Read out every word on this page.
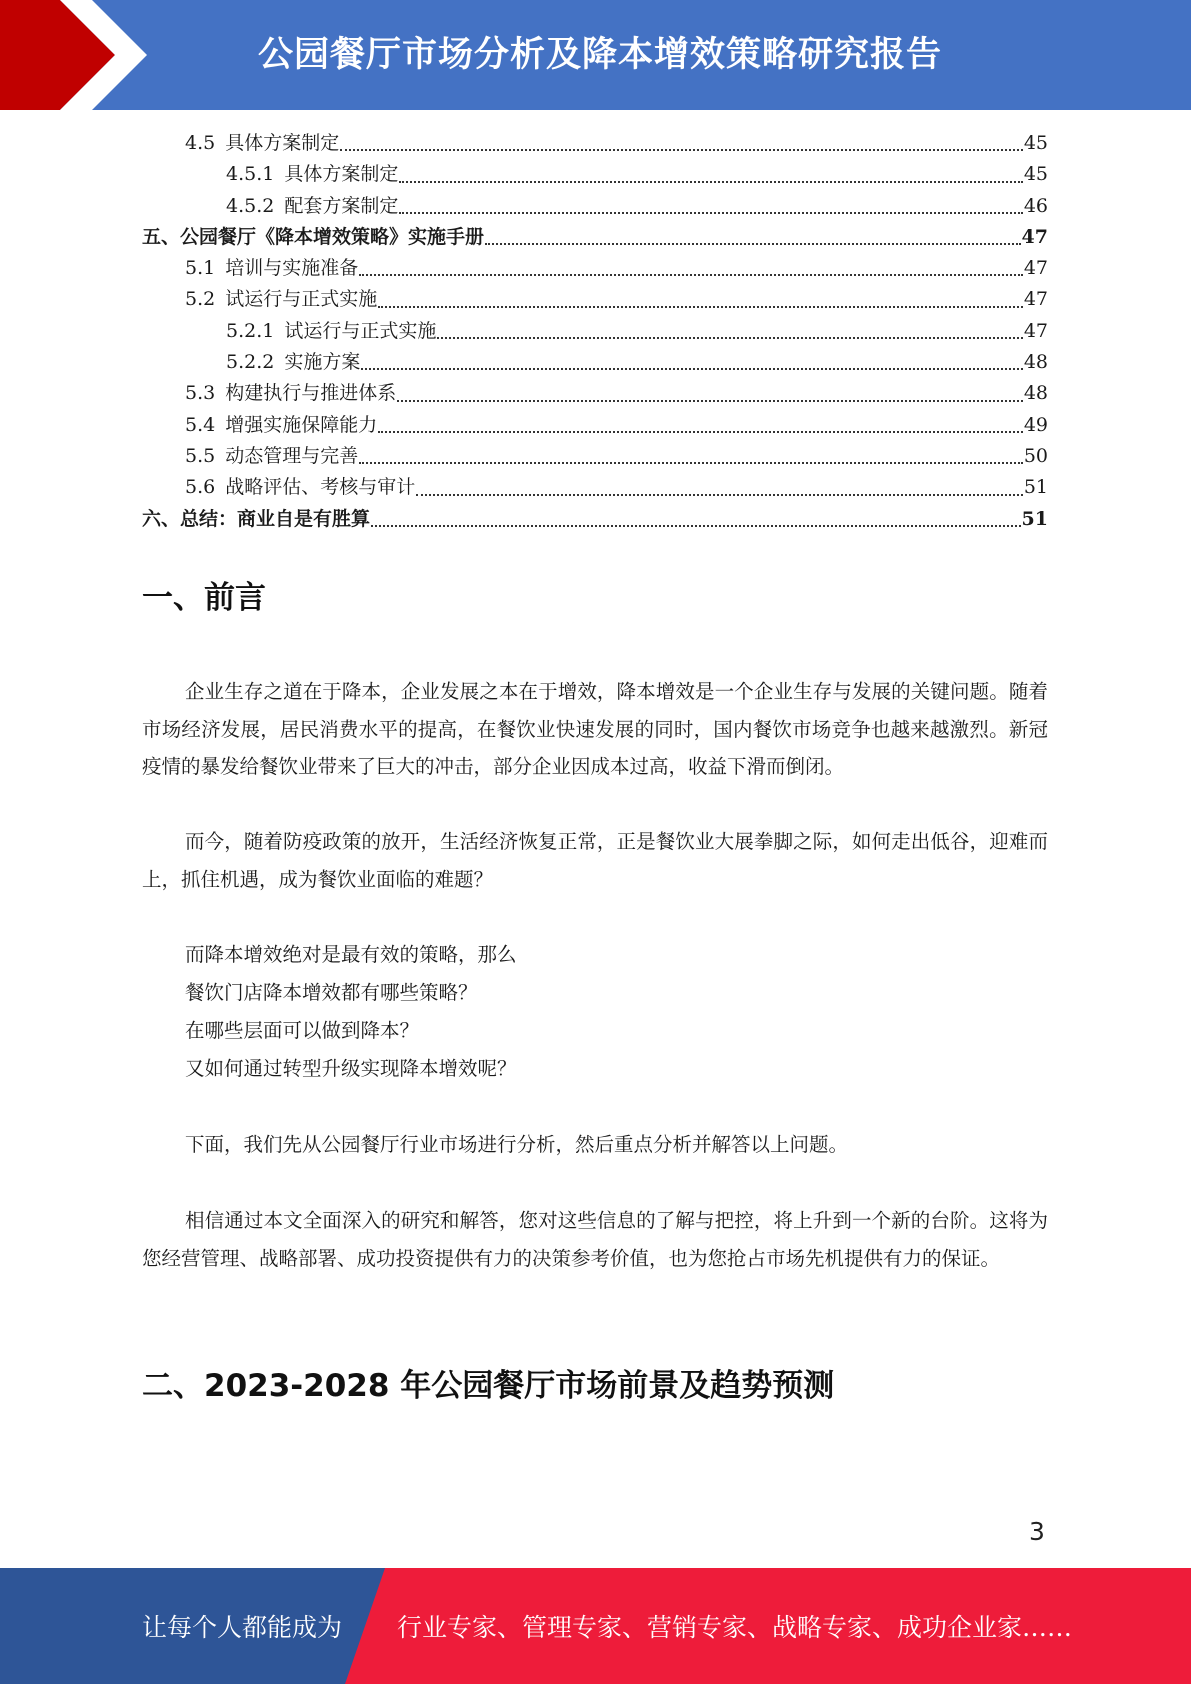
公园餐厅市场分析及降本增效策略研究报告
4.5 具体方案制定	45
4.5.1 具体方案制定	45
4.5.2 配套方案制定	46
五、公园餐厅《降本增效策略》实施手册	47
5.1 培训与实施准备	47
5.2 试运行与正式实施	47
5.2.1 试运行与正式实施	47
5.2.2 实施方案	48
5.3 构建执行与推进体系	48
5.4 增强实施保障能力	49
5.5 动态管理与完善	50
5.6 战略评估、考核与审计	51
六、总结：商业自是有胜算	51
一、前言

企业生存之道在于降本，企业发展之本在于增效，降本增效是一个企业生存与发展的关键问题。随着市场经济发展，居民消费水平的提高，在餐饮业快速发展的同时，国内餐饮市场竞争也越来越激烈。新冠疫情的暴发给餐饮业带来了巨大的冲击，部分企业因成本过高，收益下滑而倒闭。

而今，随着防疫政策的放开，生活经济恢复正常，正是餐饮业大展拳脚之际，如何走出低谷，迎难而上，抓住机遇，成为餐饮业面临的难题？

而降本增效绝对是最有效的策略，那么
餐饮门店降本增效都有哪些策略？
在哪些层面可以做到降本？
又如何通过转型升级实现降本增效呢？

下面，我们先从公园餐厅行业市场进行分析，然后重点分析并解答以上问题。

相信通过本文全面深入的研究和解答，您对这些信息的了解与把控，将上升到一个新的台阶。这将为您经营管理、战略部署、成功投资提供有力的决策参考价值，也为您抢占市场先机提供有力的保证。

二、2023-2028 年公园餐厅市场前景及趋势预测
3
让每个人都能成为 行业专家、管理专家、营销专家、战略专家、成功企业家……
